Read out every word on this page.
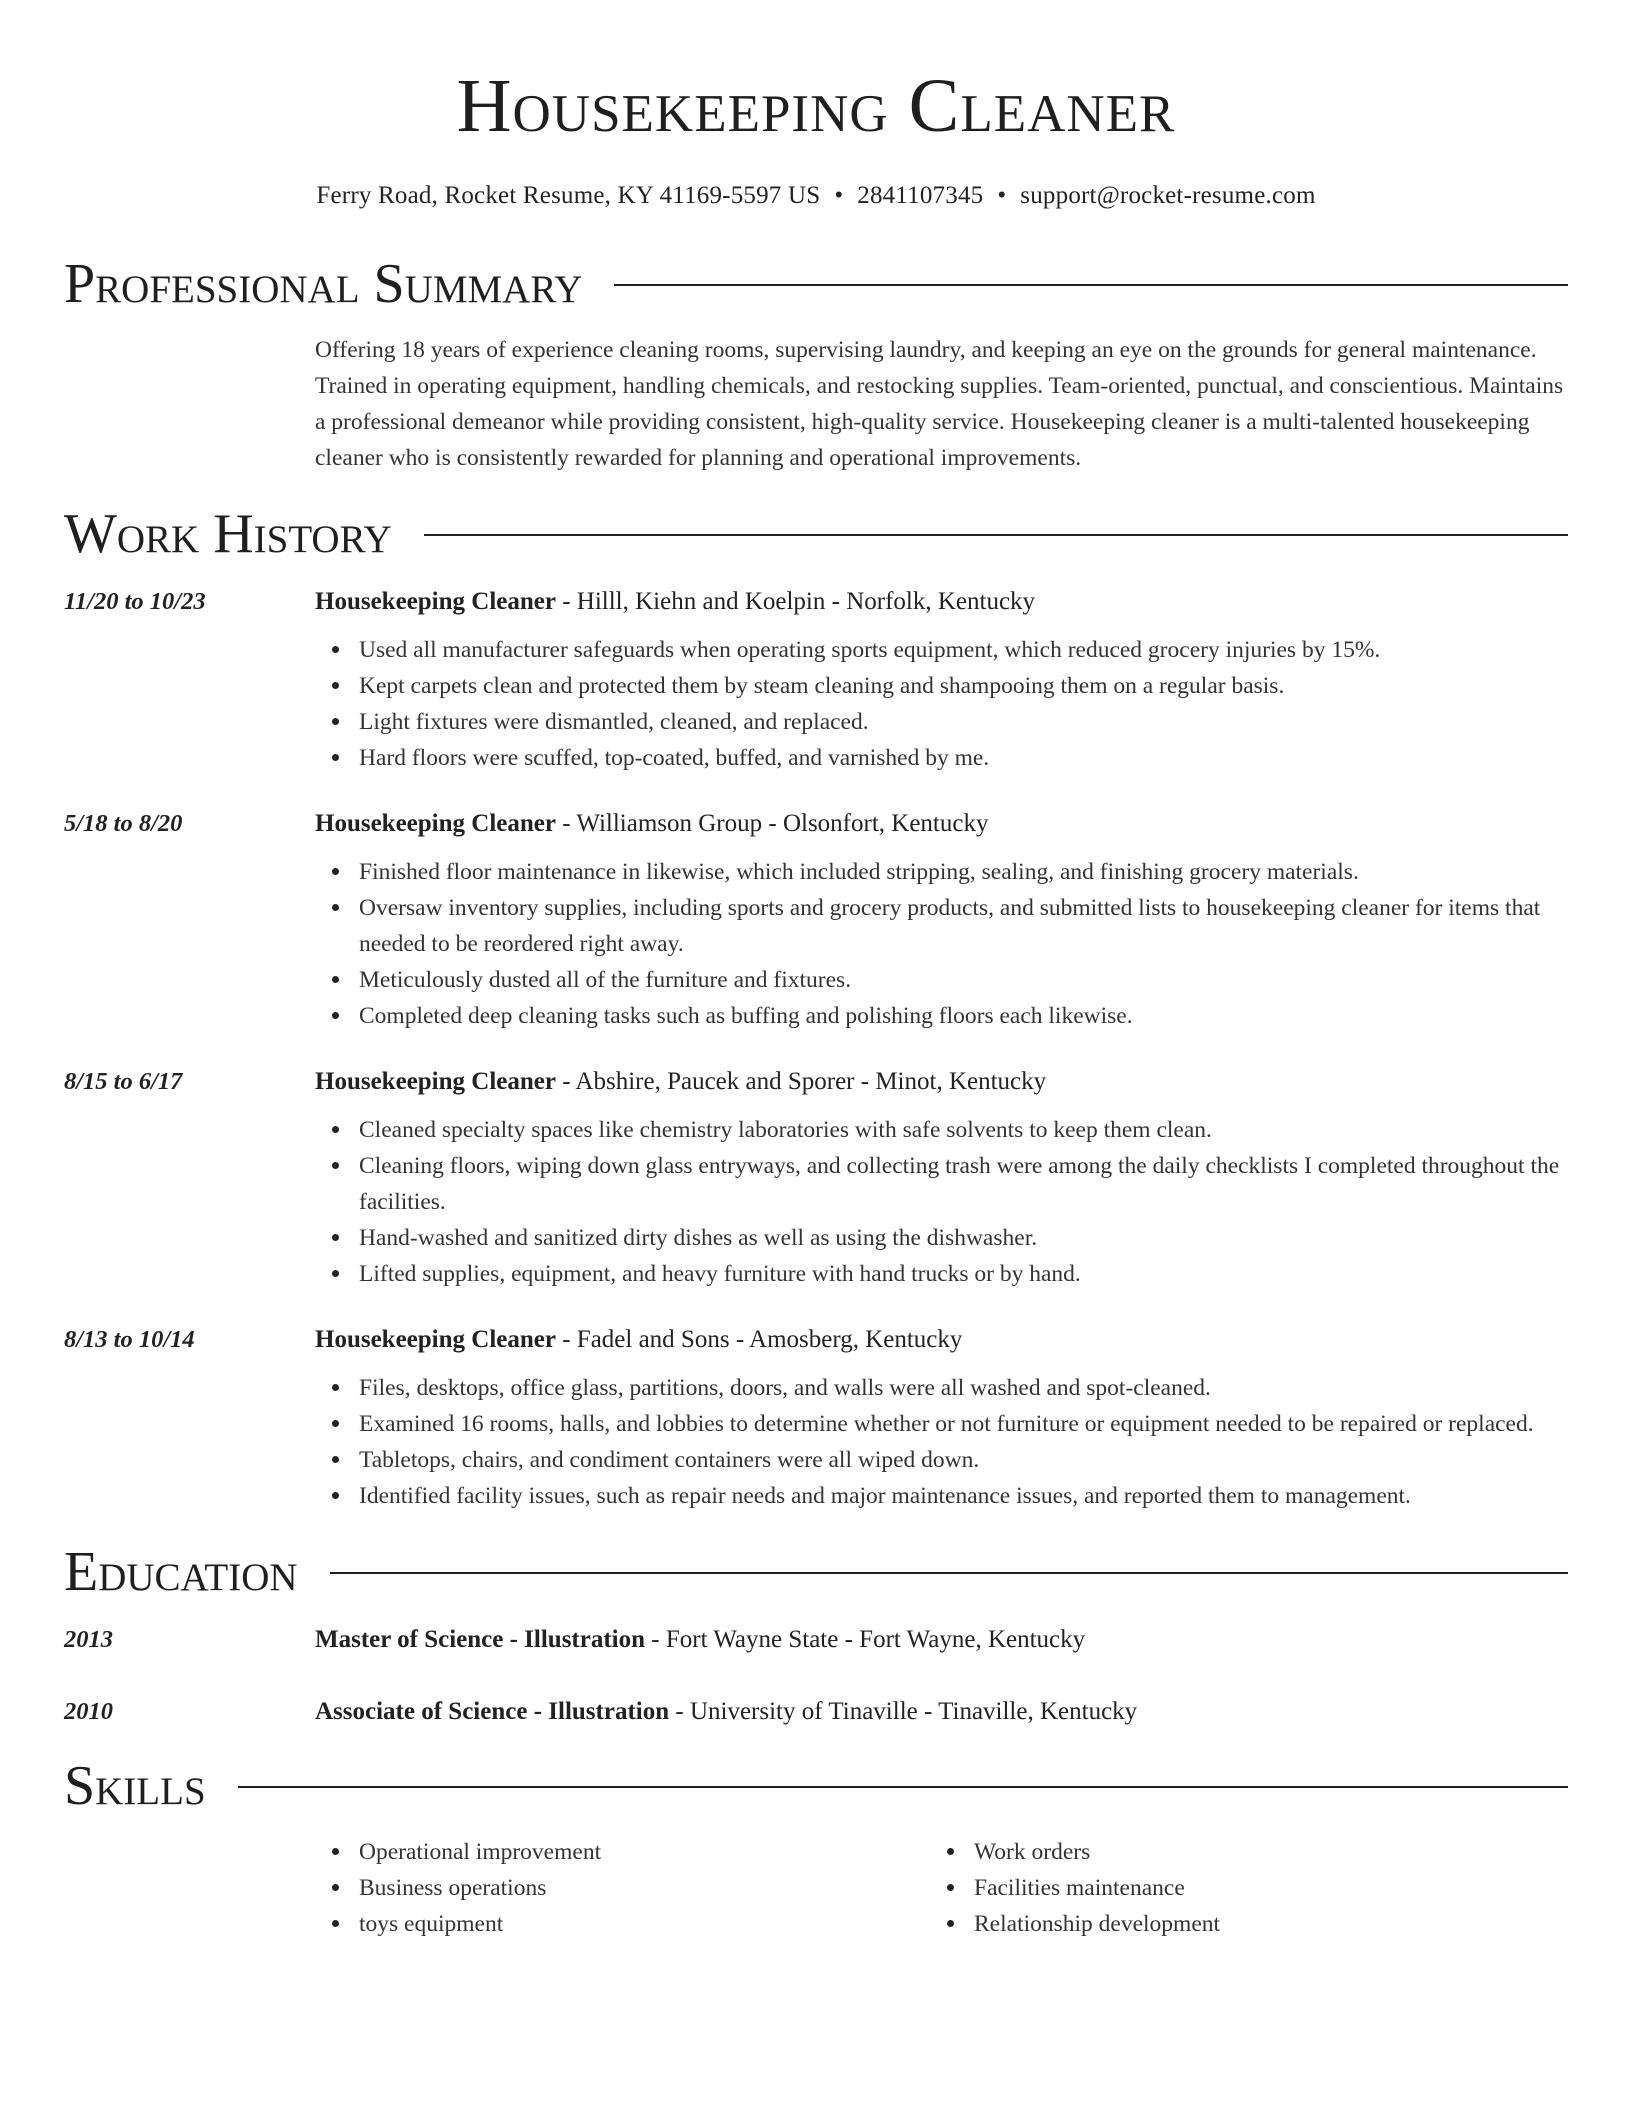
Housekeeping Cleaner
Ferry Road, Rocket Resume, KY 41169-5597 US • 2841107345 • support@rocket-resume.com
Professional Summary
Offering 18 years of experience cleaning rooms, supervising laundry, and keeping an eye on the grounds for general maintenance. Trained in operating equipment, handling chemicals, and restocking supplies. Team-oriented, punctual, and conscientious. Maintains a professional demeanor while providing consistent, high-quality service. Housekeeping cleaner is a multi-talented housekeeping cleaner who is consistently rewarded for planning and operational improvements.
Work History
11/20 to 10/23	Housekeeping Cleaner - Hilll, Kiehn and Koelpin - Norfolk, Kentucky
Used all manufacturer safeguards when operating sports equipment, which reduced grocery injuries by 15%.
Kept carpets clean and protected them by steam cleaning and shampooing them on a regular basis.
Light fixtures were dismantled, cleaned, and replaced.
Hard floors were scuffed, top-coated, buffed, and varnished by me.
5/18 to 8/20	Housekeeping Cleaner - Williamson Group - Olsonfort, Kentucky
Finished floor maintenance in likewise, which included stripping, sealing, and finishing grocery materials.
Oversaw inventory supplies, including sports and grocery products, and submitted lists to housekeeping cleaner for items that needed to be reordered right away.
Meticulously dusted all of the furniture and fixtures.
Completed deep cleaning tasks such as buffing and polishing floors each likewise.
8/15 to 6/17	Housekeeping Cleaner - Abshire, Paucek and Sporer - Minot, Kentucky
Cleaned specialty spaces like chemistry laboratories with safe solvents to keep them clean.
Cleaning floors, wiping down glass entryways, and collecting trash were among the daily checklists I completed throughout the facilities.
Hand-washed and sanitized dirty dishes as well as using the dishwasher.
Lifted supplies, equipment, and heavy furniture with hand trucks or by hand.
8/13 to 10/14	Housekeeping Cleaner - Fadel and Sons - Amosberg, Kentucky
Files, desktops, office glass, partitions, doors, and walls were all washed and spot-cleaned.
Examined 16 rooms, halls, and lobbies to determine whether or not furniture or equipment needed to be repaired or replaced.
Tabletops, chairs, and condiment containers were all wiped down.
Identified facility issues, such as repair needs and major maintenance issues, and reported them to management.
Education
2013	Master of Science - Illustration - Fort Wayne State - Fort Wayne, Kentucky
2010	Associate of Science - Illustration - University of Tinaville - Tinaville, Kentucky
Skills
Operational improvement
Business operations
toys equipment
Work orders
Facilities maintenance
Relationship development
